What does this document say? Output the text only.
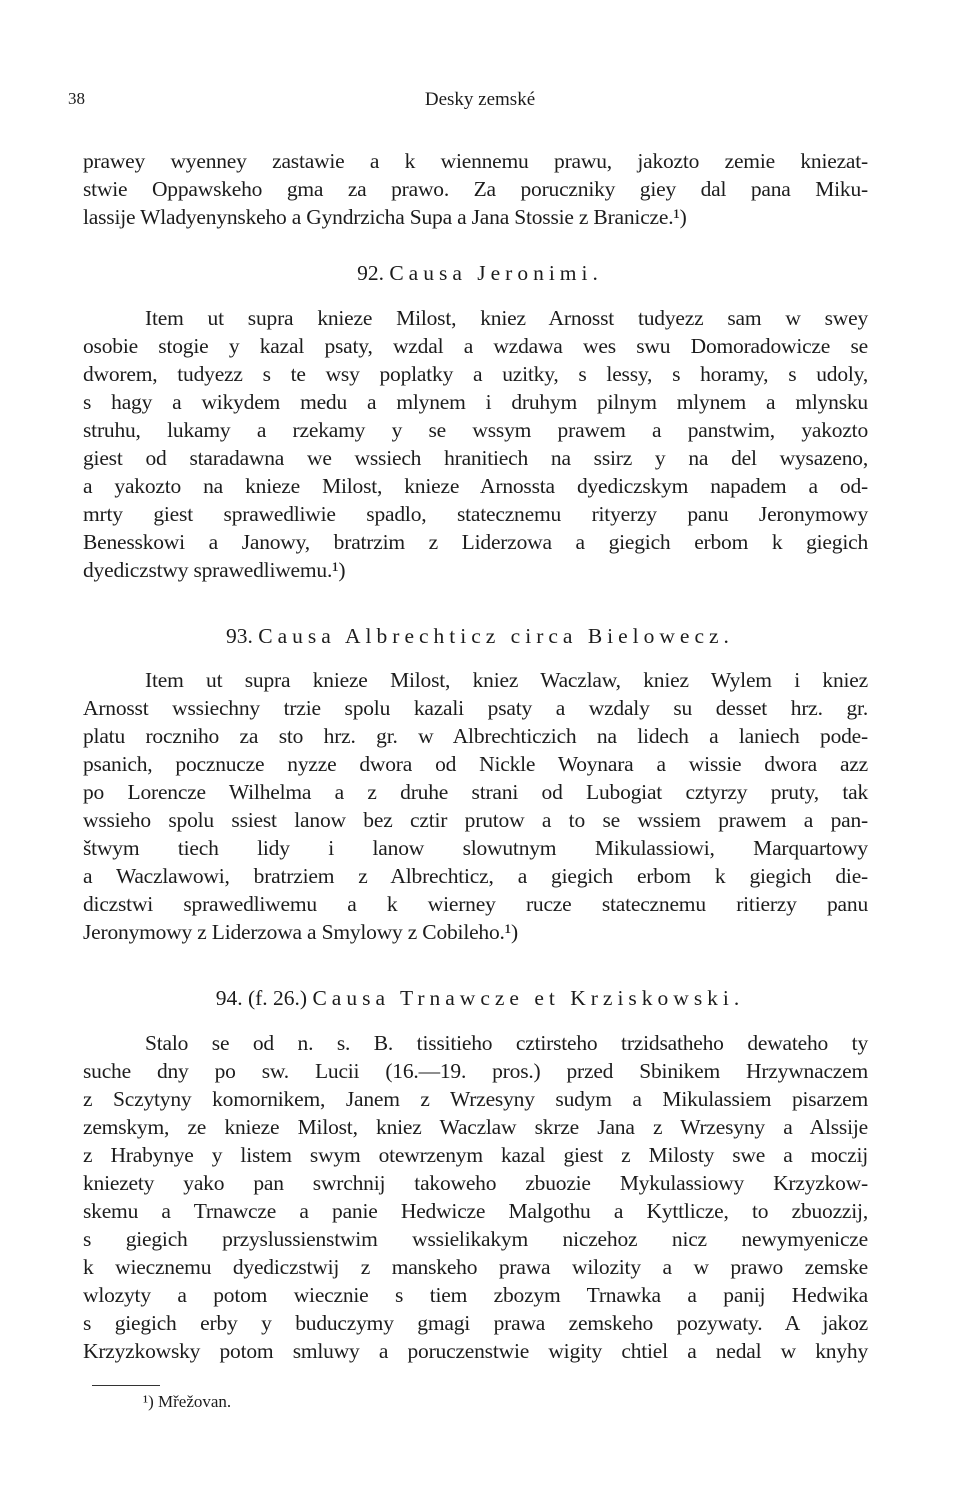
38	Desky zemské
prawey wyenney zastawie a k wiennemu prawu, jakozto zemie kniezat-
stwie Oppawskeho gma za prawo. Za poruczniky giey dal pana Miku-
lassije Wladyenynskeho a Gyndrzicha Supa a Jana Stossie z Branicze.¹)
92. Causa Jeronimi.
Item ut supra knieze Milost, kniez Arnosst tudyezz sam w swey
osobie stogie y kazal psaty, wzdal a wzdawa wes swu Domoradowicze se
dworem, tudyezz s te wsy poplatky a uzitky, s lessy, s horamy, s udoly,
s hagy a wikydem medu a mlynem i druhym pilnym mlynem a mlynsku
struhu, lukamy a rzekamy y se wssym prawem a panstwim, yakozto
giest od staradawna we wssiech hranitiech na ssirz y na del wysazeno,
a yakozto na knieze Milost, knieze Arnossta dyediczskym napadem a od-
mrty giest sprawedliwie spadlo, statecznemu rityerzy panu Jeronymowy
Benesskowi a Janowy, bratrzim z Liderzowa a giegich erbom k giegich
dyediczstwy sprawedliwemu.¹)
93. Causa Albrechticz circa Bielowecz.
Item ut supra knieze Milost, kniez Waczlaw, kniez Wylem i kniez
Arnosst wssiechny trzie spolu kazali psaty a wzdaly su desset hrz. gr.
platu roczniho za sto hrz. gr. w Albrechticzich na lidech a laniech pode-
psanich, pocznucze nyzze dwora od Nickle Woynara a wissie dwora azz
po Lorencze Wilhelma a z druhe strani od Lubogiat cztyrzy pruty, tak
wssieho spolu ssiest lanow bez cztir prutow a to se wssiem prawem a pan-
štwym tiech lidy i lanow slowutnym Mikulassiowi, Marquartowy
a Waczlawowi, bratrziem z Albrechticz, a giegich erbom k giegich die-
diczstwi sprawedliwemu a k wierney rucze statecznemu ritierzy panu
Jeronymowy z Liderzowa a Smylowy z Cobileho.¹)
94. (f. 26.) Causa Trnawcze et Krziskowski.
Stalo se od n. s. B. tissitieho cztirsteho trzidsatheho dewateho ty
suche dny po sw. Lucii (16.—19. pros.) przed Sbinikem Hrzywnaczem
z Sczytyny komornikem, Janem z Wrzesyny sudym a Mikulassiem pisarzem
zemskym, ze knieze Milost, kniez Waczlaw skrze Jana z Wrzesyny a Alssije
z Hrabynye y listem swym otewrzenym kazal giest z Milosty swe a moczij
kniezety yako pan swrchnij takoweho zbuozie Mykulassiowy Krzyzkow-
skemu a Trnawcze a panie Hedwicze Malgothu a Kyttlicze, to zbuozzij,
s giegich przyslussienstwim wssielikakym niczehoz nicz newymyenicze
k wiecznemu dyediczstwij z manskeho prawa wilozity a w prawo zemske
wlozyty a potom wiecznie s tiem zbozym Trnawka a panij Hedwika
s giegich erby y buduczymy gmagi prawa zemskeho pozywaty. A jakoz
Krzyzkowsky potom smluwy a poruczenstwie wigity chtiel a nedal w knyhy
¹) Mřežovan.
